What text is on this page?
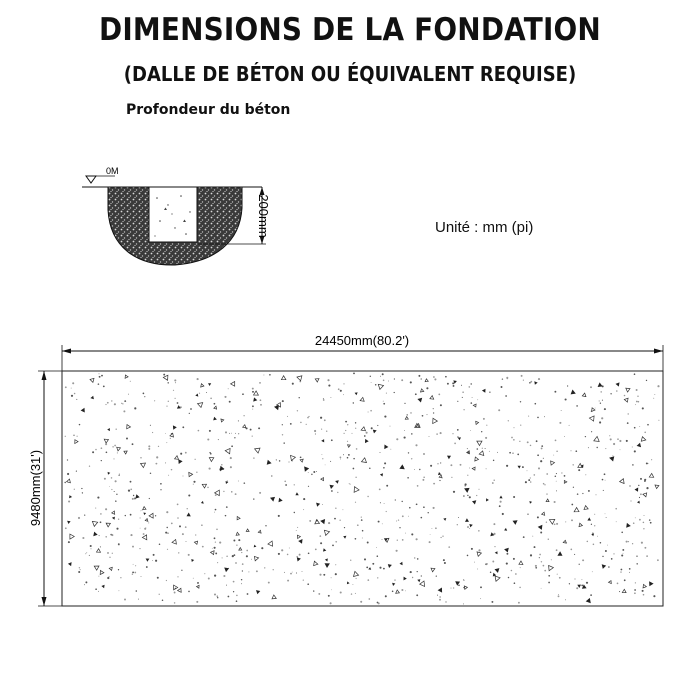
DIMENSIONS DE LA FONDATION
(DALLE DE BÉTON OU ÉQUIVALENT REQUISE)
Profondeur du béton
Unité : mm (pi)
0M
200mm
24450mm(80.2')
9480mm(31')
